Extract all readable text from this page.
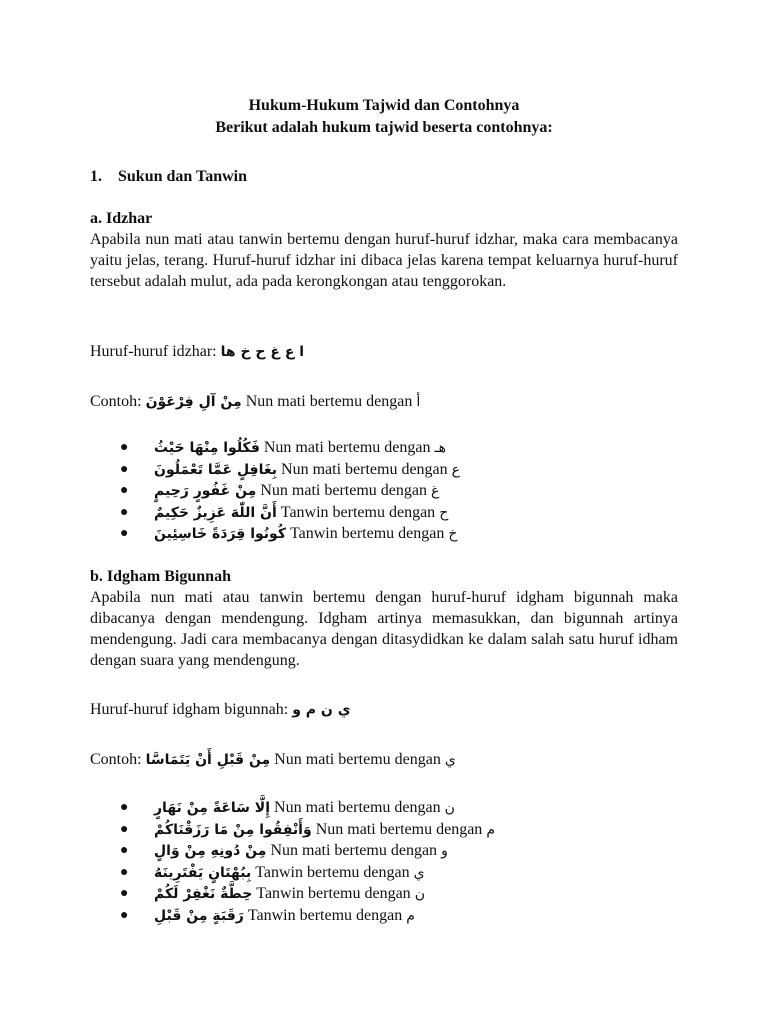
Hukum-Hukum Tajwid dan Contohnya
Berikut adalah hukum tajwid beserta contohnya:
1. Sukun dan Tanwin
a. Idzhar
Apabila nun mati atau tanwin bertemu dengan huruf-huruf idzhar, maka cara membacanya yaitu jelas, terang. Huruf-huruf idzhar ini dibaca jelas karena tempat keluarnya huruf-huruf tersebut adalah mulut, ada pada kerongkongan atau tenggorokan.
Huruf-huruf idzhar: ا ع غ ح خ ها
Contoh: مِنْ آلِ فِرْعَوْنَ Nun mati bertemu dengan أ
● فَكُلُوا مِنْهَا حَيْثُ Nun mati bertemu dengan هـ
● بِغَافِلٍ عَمَّا تَعْمَلُونَ Nun mati bertemu dengan ع
● مِنْ غَفُورٍ رَحِيمٍ Nun mati bertemu dengan غ
● أَنَّ اللّٰهَ عَزِيزٌ حَكِيمٌ Tanwin bertemu dengan ح
● كُونُوا قِرَدَةً خَاسِئِينَ Tanwin bertemu dengan خ
b. Idgham Bigunnah
Apabila nun mati atau tanwin bertemu dengan huruf-huruf idgham bigunnah maka dibacanya dengan mendengung. Idgham artinya memasukkan, dan bigunnah artinya mendengung. Jadi cara membacanya dengan ditasydidkan ke dalam salah satu huruf idham dengan suara yang mendengung.
Huruf-huruf idgham bigunnah: ي ن م و
Contoh: مِنْ قَبْلِ أَنْ يَتَمَاسَّا Nun mati bertemu dengan ي
● إِلَّا سَاعَةً مِنْ نَهَارٍ Nun mati bertemu dengan ن
● وَأَنْفِقُوا مِنْ مَا رَزَقْنَاكُمْ Nun mati bertemu dengan م
● مِنْ دُونِهِ مِنْ وَالٍ Nun mati bertemu dengan و
● بِبُهْتَانٍ يَفْتَرِينَهُ Tanwin bertemu dengan ي
● حِطَّةٌ نَغْفِرْ لَكُمْ Tanwin bertemu dengan ن
● رَقَبَةٍ مِنْ قَبْلِ Tanwin bertemu dengan م
